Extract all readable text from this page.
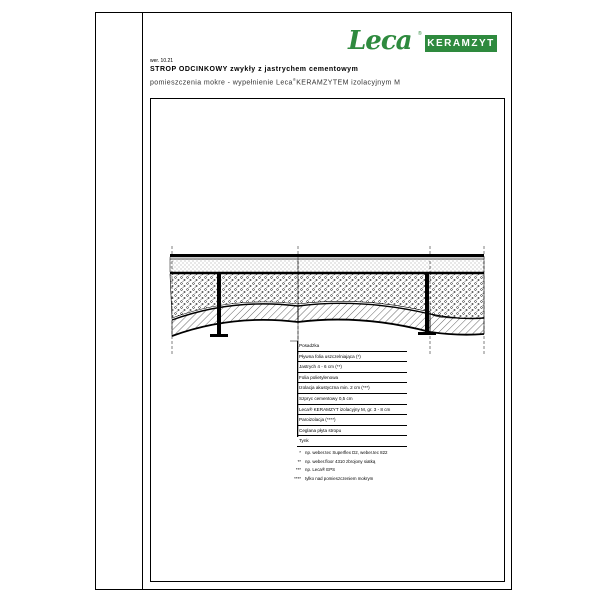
Leca ®
KERAMZYT
wer. 10.21
STROP ODCINKOWY zwykły z jastrychem cementowym
pomieszczenia mokre - wypełnienie Leca®KERAMZYTEM izolacyjnym M
Posadzka
Pływna folia uszczelniająca (*)
Jastrych 4 - 6 cm (**)
Folia polietylenowa
Izolacja akustyczna min. 2 cm (***)
Szpryc cementowy 0,5 cm
Leca® KERAMZYT izolacyjny M, gr. 3 - 8 cm
Paroizolacja (****)
Ceglana płyta stropu
Tynk
* np. weber.tec Superflex D2, weber.tec 822
** np. weber.floor 4310 zbrojony siatką
*** np. Leca® EPS
**** tylko nad pomieszczeniem mokrym
